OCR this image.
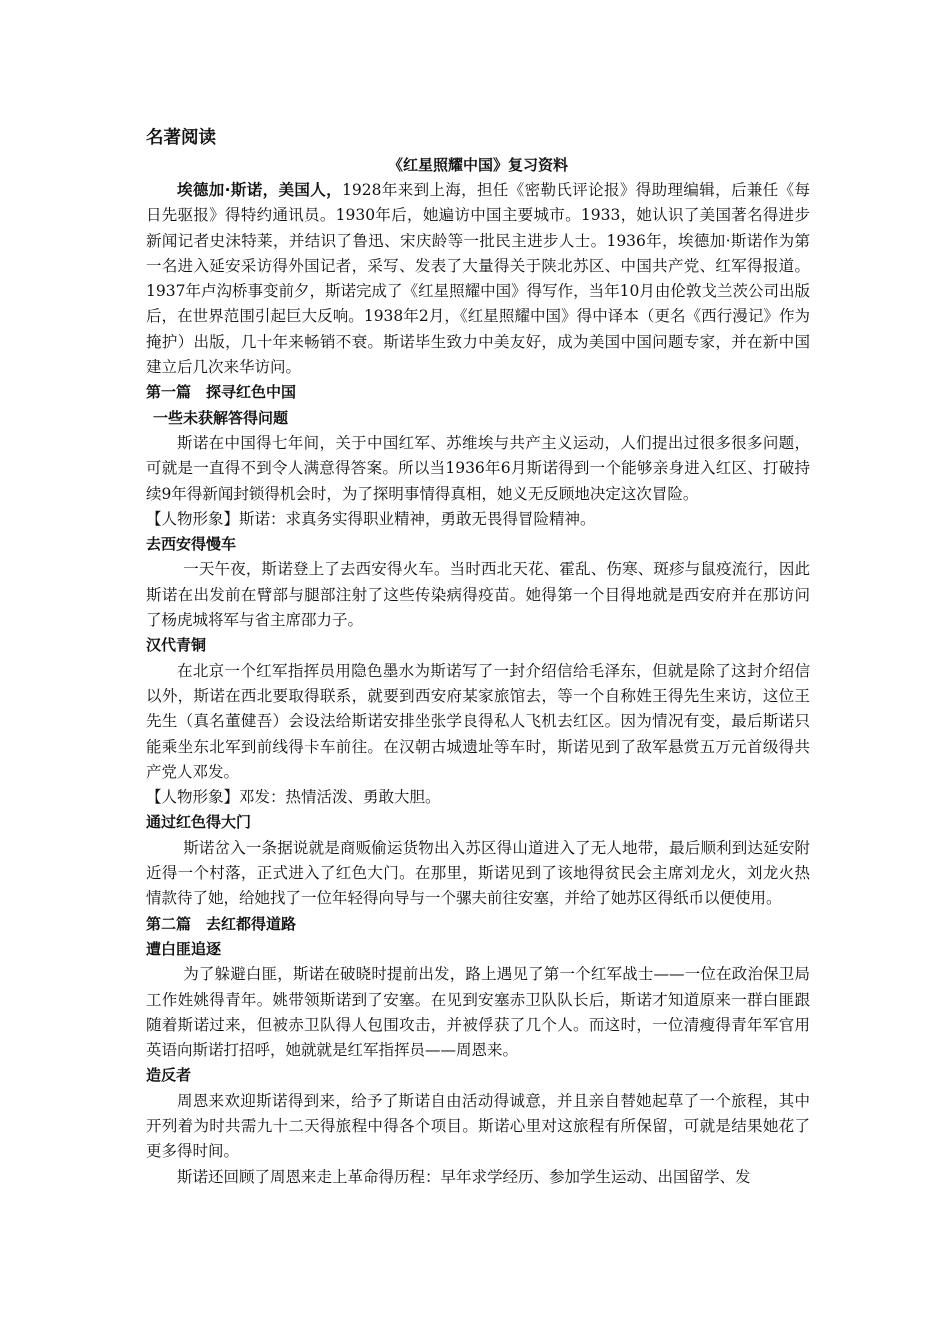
名著阅读
《红星照耀中国》复习资料

埃德加·斯诺，美国人，1928年来到上海，担任《密勒氏评论报》得助理编辑，后兼任《每日先驱报》得特约通讯员。1930年后，她遍访中国主要城市。1933，她认识了美国著名得进步新闻记者史沫特莱，并结识了鲁迅、宋庆龄等一批民主进步人士。1936年，埃德加·斯诺作为第一名进入延安采访得外国记者，采写、发表了大量得关于陕北苏区、中国共产党、红军得报道。1937年卢沟桥事变前夕，斯诺完成了《红星照耀中国》得写作，当年10月由伦敦戈兰茨公司出版后，在世界范围引起巨大反响。1938年2月，《红星照耀中国》得中译本（更名《西行漫记》作为掩护）出版，几十年来畅销不衰。斯诺毕生致力中美友好，成为美国中国问题专家，并在新中国建立后几次来华访问。

第一篇　探寻红色中国
一些未获解答得问题

斯诺在中国得七年间，关于中国红军、苏维埃与共产主义运动，人们提出过很多很多问题，可就是一直得不到令人满意得答案。所以当1936年6月斯诺得到一个能够亲身进入红区、打破持续9年得新闻封锁得机会时，为了探明事情得真相，她义无反顾地决定这次冒险。

【人物形象】斯诺：求真务实得职业精神，勇敢无畏得冒险精神。

去西安得慢车

一天午夜，斯诺登上了去西安得火车。当时西北天花、霍乱、伤寒、斑疹与鼠疫流行，因此斯诺在出发前在臂部与腿部注射了这些传染病得疫苗。她得第一个目得地就是西安府并在那访问了杨虎城将军与省主席邵力子。

汉代青铜

在北京一个红军指挥员用隐色墨水为斯诺写了一封介绍信给毛泽东，但就是除了这封介绍信以外，斯诺在西北要取得联系，就要到西安府某家旅馆去，等一个自称姓王得先生来访，这位王先生（真名董健吾）会设法给斯诺安排坐张学良得私人飞机去红区。因为情况有变，最后斯诺只能乘坐东北军到前线得卡车前往。在汉朝古城遗址等车时，斯诺见到了敌军悬赏五万元首级得共产党人邓发。

【人物形象】邓发：热情活泼、勇敢大胆。

通过红色得大门

斯诺岔入一条据说就是商贩偷运货物出入苏区得山道进入了无人地带，最后顺利到达延安附近得一个村落，正式进入了红色大门。在那里，斯诺见到了该地得贫民会主席刘龙火，刘龙火热情款待了她，给她找了一位年轻得向导与一个骡夫前往安塞，并给了她苏区得纸币以便使用。

第二篇　去红都得道路
遭白匪追逐

为了躲避白匪，斯诺在破晓时提前出发，路上遇见了第一个红军战士——一位在政治保卫局工作姓姚得青年。姚带领斯诺到了安塞。在见到安塞赤卫队队长后，斯诺才知道原来一群白匪跟随着斯诺过来，但被赤卫队得人包围攻击，并被俘获了几个人。而这时，一位清瘦得青年军官用英语向斯诺打招呼，她就就是红军指挥员——周恩来。

造反者

周恩来欢迎斯诺得到来，给予了斯诺自由活动得诚意，并且亲自替她起草了一个旅程，其中开列着为时共需九十二天得旅程中得各个项目。斯诺心里对这旅程有所保留，可就是结果她花了更多得时间。

斯诺还回顾了周恩来走上革命得历程：早年求学经历、参加学生运动、出国留学、发
